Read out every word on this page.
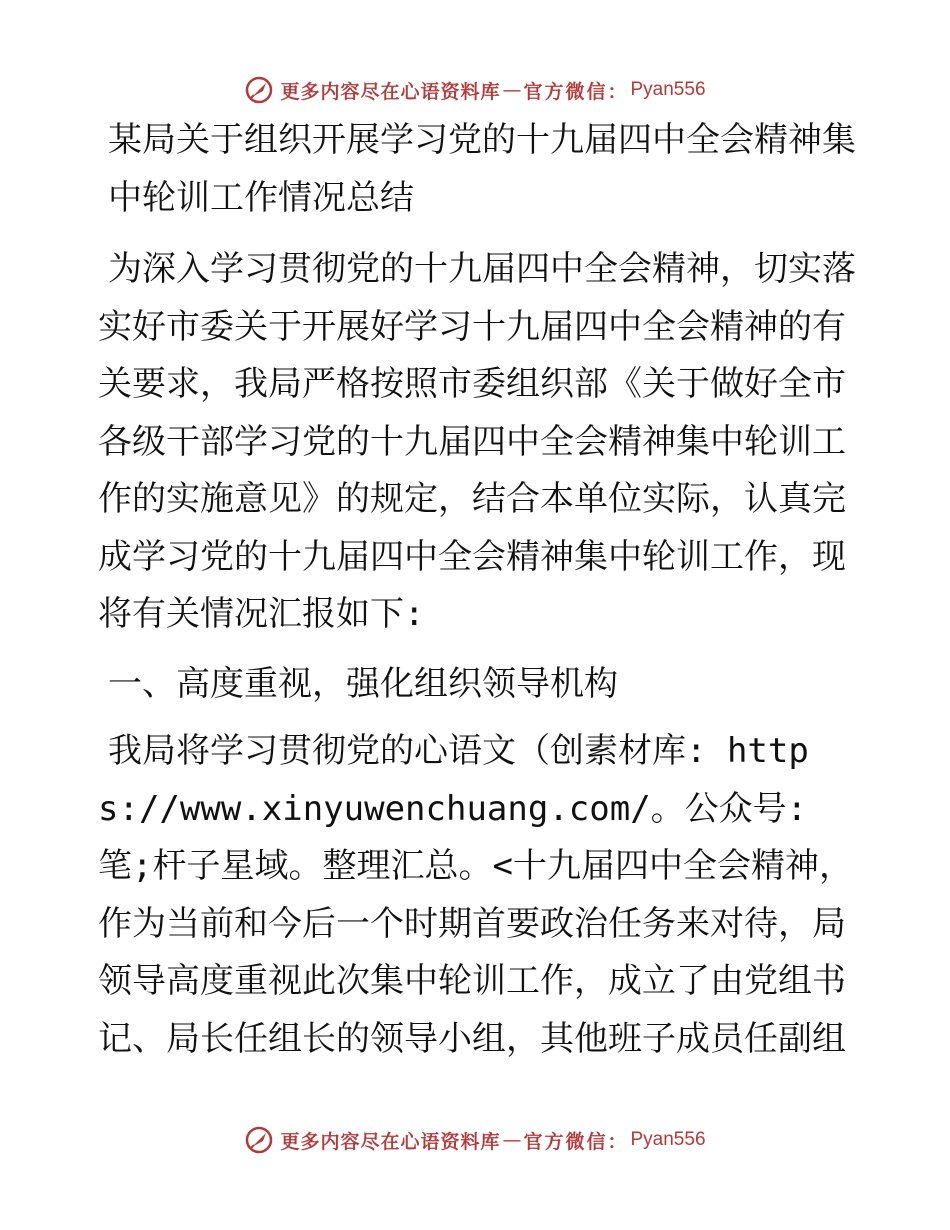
更多内容尽在心语资料库 — 官方微信： Pyan556

某局关于组织开展学习党的十九届四中全会精神集中轮训工作情况总结

为深入学习贯彻党的十九届四中全会精神，切实落实好市委关于开展好学习十九届四中全会精神的有关要求，我局严格按照市委组织部《关于做好全市各级干部学习党的十九届四中全会精神集中轮训工作的实施意见》的规定，结合本单位实际，认真完成学习党的十九届四中全会精神集中轮训工作，现将有关情况汇报如下:

一、高度重视，强化组织领导机构

我局将学习贯彻党的心语文（创素材库: https://www.xinyuwenchuang.com/。公众号: 笔;杆子星域。整理汇总。<十九届四中全会精神，作为当前和今后一个时期首要政治任务来对待，局领导高度重视此次集中轮训工作，成立了由党组书记、局长任组长的领导小组，其他班子成员任副组

更多内容尽在心语资料库 — 官方微信： Pyan556
